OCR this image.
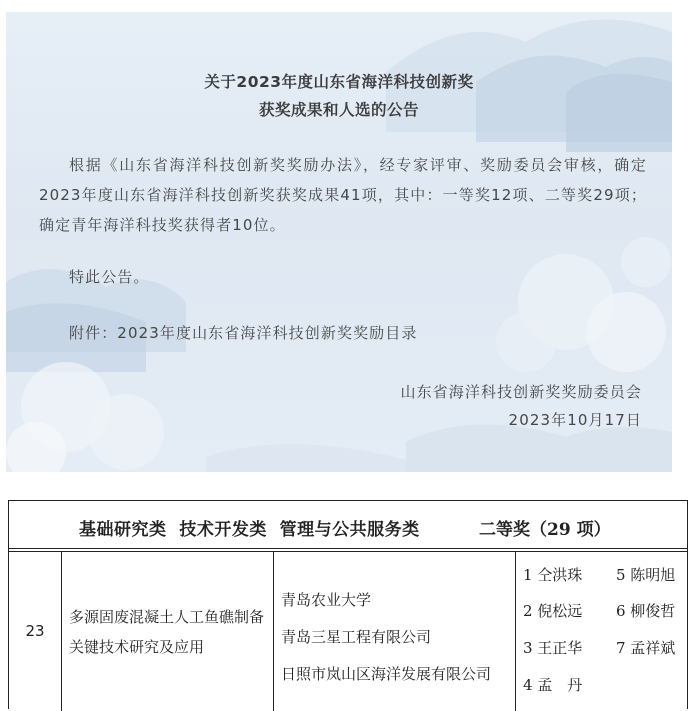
关于2023年度山东省海洋科技创新奖
获奖成果和人选的公告
根据《山东省海洋科技创新奖奖励办法》，经专家评审、奖励委员会审核，确定2023年度山东省海洋科技创新奖获奖成果41项，其中：一等奖12项、二等奖29项；确定青年海洋科技奖获得者10位。
特此公告。
附件：2023年度山东省海洋科技创新奖奖励目录
山东省海洋科技创新奖奖励委员会
2023年10月17日
基础研究类  技术开发类  管理与公共服务类	二等奖（29 项）
23
多源固废混凝土人工鱼礁制备关键技术研究及应用
青岛农业大学
青岛三星工程有限公司
日照市岚山区海洋发展有限公司
1 仝洪珠 5 陈明旭
2 倪松远 6 柳俊哲
3 王正华 7 孟祥斌
4 孟　丹
